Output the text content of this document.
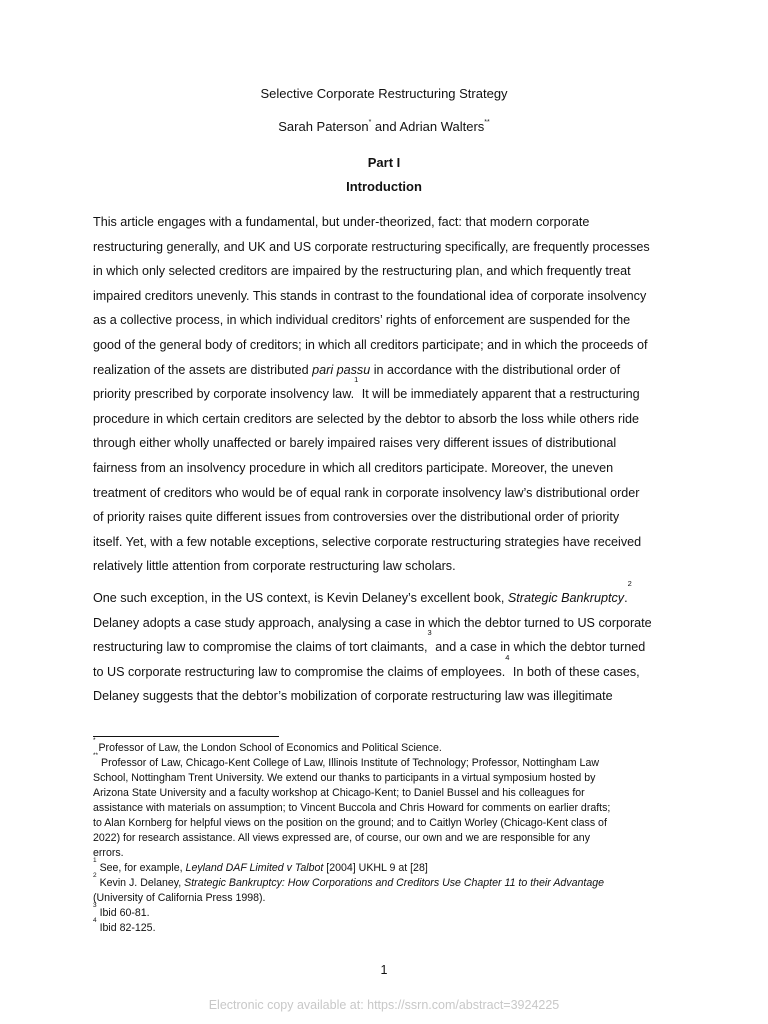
Selective Corporate Restructuring Strategy
Sarah Paterson* and Adrian Walters**
Part I
Introduction
This article engages with a fundamental, but under-theorized, fact: that modern corporate
restructuring generally, and UK and US corporate restructuring specifically, are frequently processes
in which only selected creditors are impaired by the restructuring plan, and which frequently treat
impaired creditors unevenly. This stands in contrast to the foundational idea of corporate insolvency
as a collective process, in which individual creditors’ rights of enforcement are suspended for the
good of the general body of creditors; in which all creditors participate; and in which the proceeds of
realization of the assets are distributed pari passu in accordance with the distributional order of
priority prescribed by corporate insolvency law.$^1$ It will be immediately apparent that a restructuring
procedure in which certain creditors are selected by the debtor to absorb the loss while others ride
through either wholly unaffected or barely impaired raises very different issues of distributional
fairness from an insolvency procedure in which all creditors participate. Moreover, the uneven
treatment of creditors who would be of equal rank in corporate insolvency law’s distributional order
of priority raises quite different issues from controversies over the distributional order of priority
itself. Yet, with a few notable exceptions, selective corporate restructuring strategies have received
relatively little attention from corporate restructuring law scholars.
One such exception, in the US context, is Kevin Delaney’s excellent book, Strategic Bankruptcy.$^2$
Delaney adopts a case study approach, analysing a case in which the debtor turned to US corporate
restructuring law to compromise the claims of tort claimants,$^3$ and a case in which the debtor turned
to US corporate restructuring law to compromise the claims of employees.$^4$ In both of these cases,
Delaney suggests that the debtor’s mobilization of corporate restructuring law was illegitimate

* Professor of Law, the London School of Economics and Political Science.

** Professor of Law, Chicago-Kent College of Law, Illinois Institute of Technology; Professor, Nottingham Law
School, Nottingham Trent University. We extend our thanks to participants in a virtual symposium hosted by
Arizona State University and a faculty workshop at Chicago-Kent; to Daniel Bussel and his colleagues for
assistance with materials on assumption; to Vincent Buccola and Chris Howard for comments on earlier drafts;
to Alan Kornberg for helpful views on the position on the ground; and to Caitlyn Worley (Chicago-Kent class of
2022) for research assistance. All views expressed are, of course, our own and we are responsible for any
errors.

$^1$ See, for example, Leyland DAF Limited v Talbot [2004] UKHL 9 at [28]

$^2$ Kevin J. Delaney, Strategic Bankruptcy: How Corporations and Creditors Use Chapter 11 to their Advantage
(University of California Press 1998).

$^3$ Ibid 60-81.

$^4$ Ibid 82-125.

1
Electronic copy available at: https://ssrn.com/abstract=3924225
